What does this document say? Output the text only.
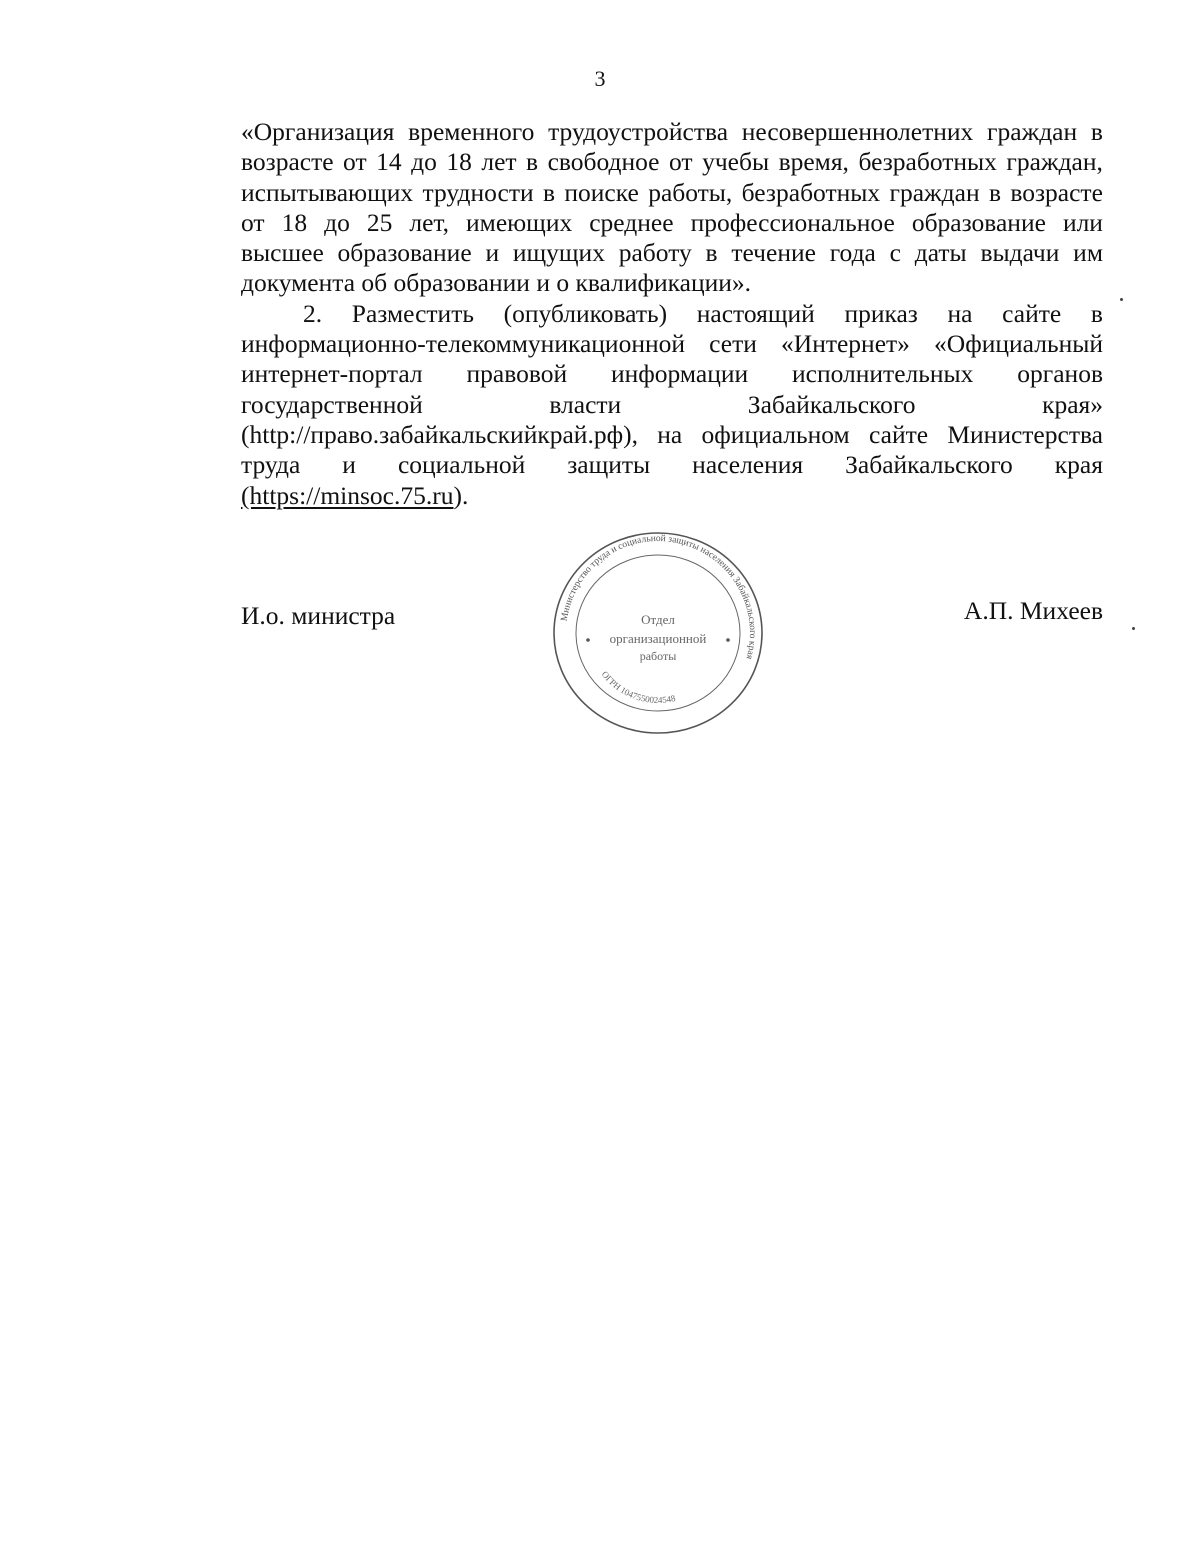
3
«Организация временного трудоустройства несовершеннолетних граждан в
возрасте от 14 до 18 лет в свободное от учебы время, безработных граждан,
испытывающих трудности в поиске работы, безработных граждан в возрасте
от 18 до 25 лет, имеющих среднее профессиональное образование или
высшее образование и ищущих работу в течение года с даты выдачи им
документа об образовании и о квалификации».
2. Разместить (опубликовать) настоящий приказ на сайте в
информационно-телекоммуникационной сети «Интернет» «Официальный
интернет-портал правовой информации исполнительных органов
государственной	власти	Забайкальского	края»
(http://право.забайкальскийкрай.рф), на официальном сайте Министерства
труда и социальной защиты населения Забайкальского края
(https://minsoc.75.ru ).
И.о. министра	Министерство труда и социальной защиты населения Забайкальского края
ОГРН 1047550024548
Отдел
организационной
работы
А.П. Михеев
